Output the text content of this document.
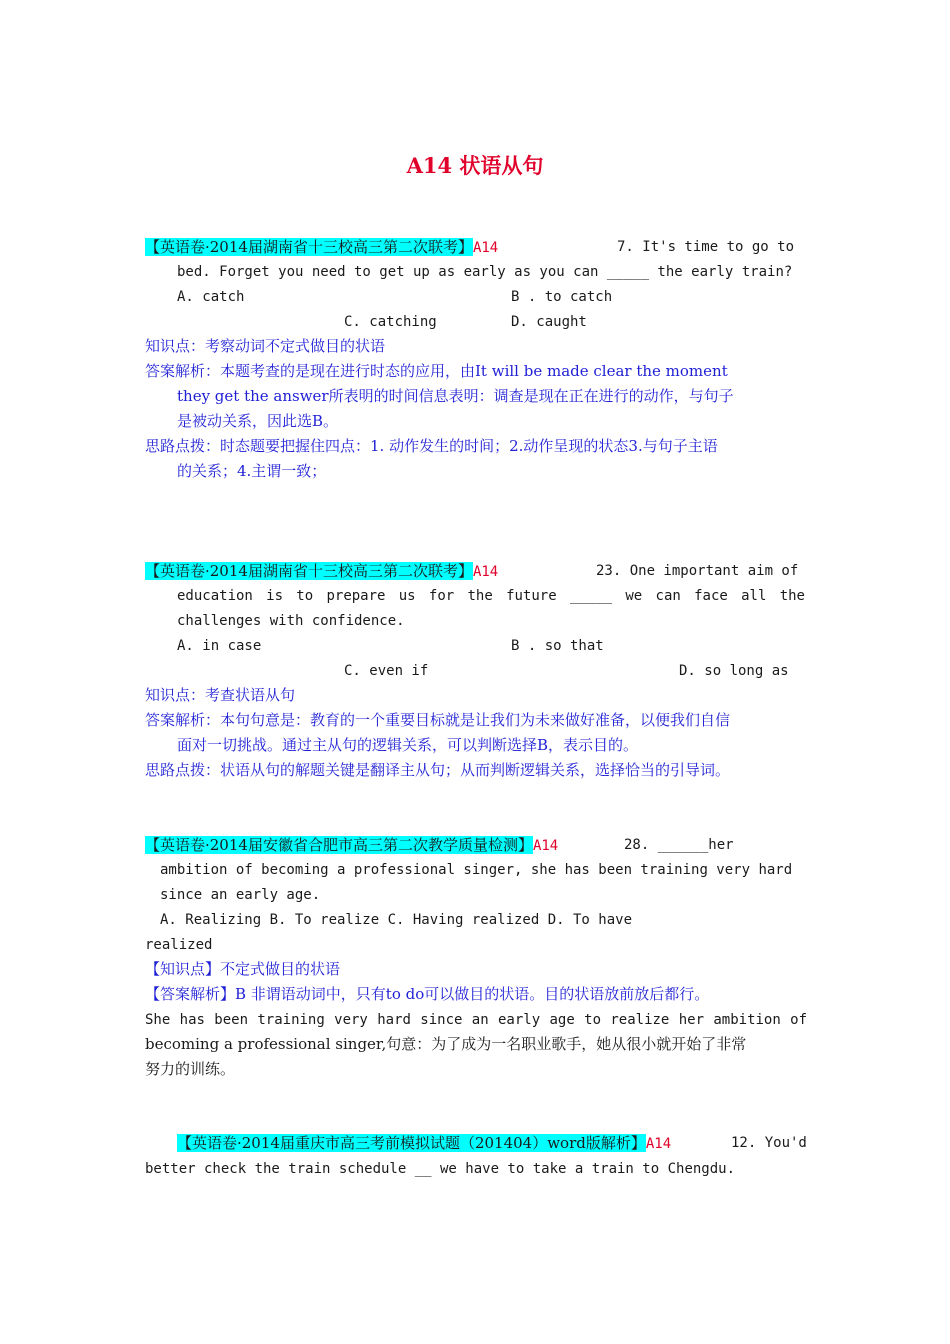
A14 状语从句
【英语卷·2014届湖南省十三校高三第二次联考】A14	7. It's time to go to
bed. Forget you need to get up as early as you can _____ the early train?
A. catch	B . to catch
C. catching	D. caught
知识点：考察动词不定式做目的状语
答案解析：本题考查的是现在进行时态的应用，由It will be made clear the moment
they get the answer所表明的时间信息表明：调查是现在正在进行的动作，与句子
是被动关系，因此选B。
思路点拨：时态题要把握住四点：1. 动作发生的时间；2.动作呈现的状态3.与句子主语
的关系；4.主谓一致；
【英语卷·2014届湖南省十三校高三第二次联考】A14	23. One important aim of
education is to prepare us for the future _____ we can face all the
challenges with confidence.
A. in case	B . so that
C. even if	D. so long as
知识点：考查状语从句
答案解析：本句句意是：教育的一个重要目标就是让我们为未来做好准备，以便我们自信
面对一切挑战。通过主从句的逻辑关系，可以判断选择B，表示目的。
思路点拨：状语从句的解题关键是翻译主从句；从而判断逻辑关系，选择恰当的引导词。
【英语卷·2014届安徽省合肥市高三第二次教学质量检测】A14	28. ______her
ambition of becoming a professional singer, she has been training very hard
since an early age.
A. Realizing B. To realize C. Having realized D. To have
realized
【知识点】不定式做目的状语
【答案解析】B 非谓语动词中，只有to do可以做目的状语。目的状语放前放后都行。
She has been training very hard since an early age to realize her ambition of
becoming a professional singer,句意：为了成为一名职业歌手，她从很小就开始了非常
努力的训练。
【英语卷·2014届重庆市高三考前模拟试题（201404）word版解析】A14	12. You'd
better check the train schedule __ we have to take a train to Chengdu.
